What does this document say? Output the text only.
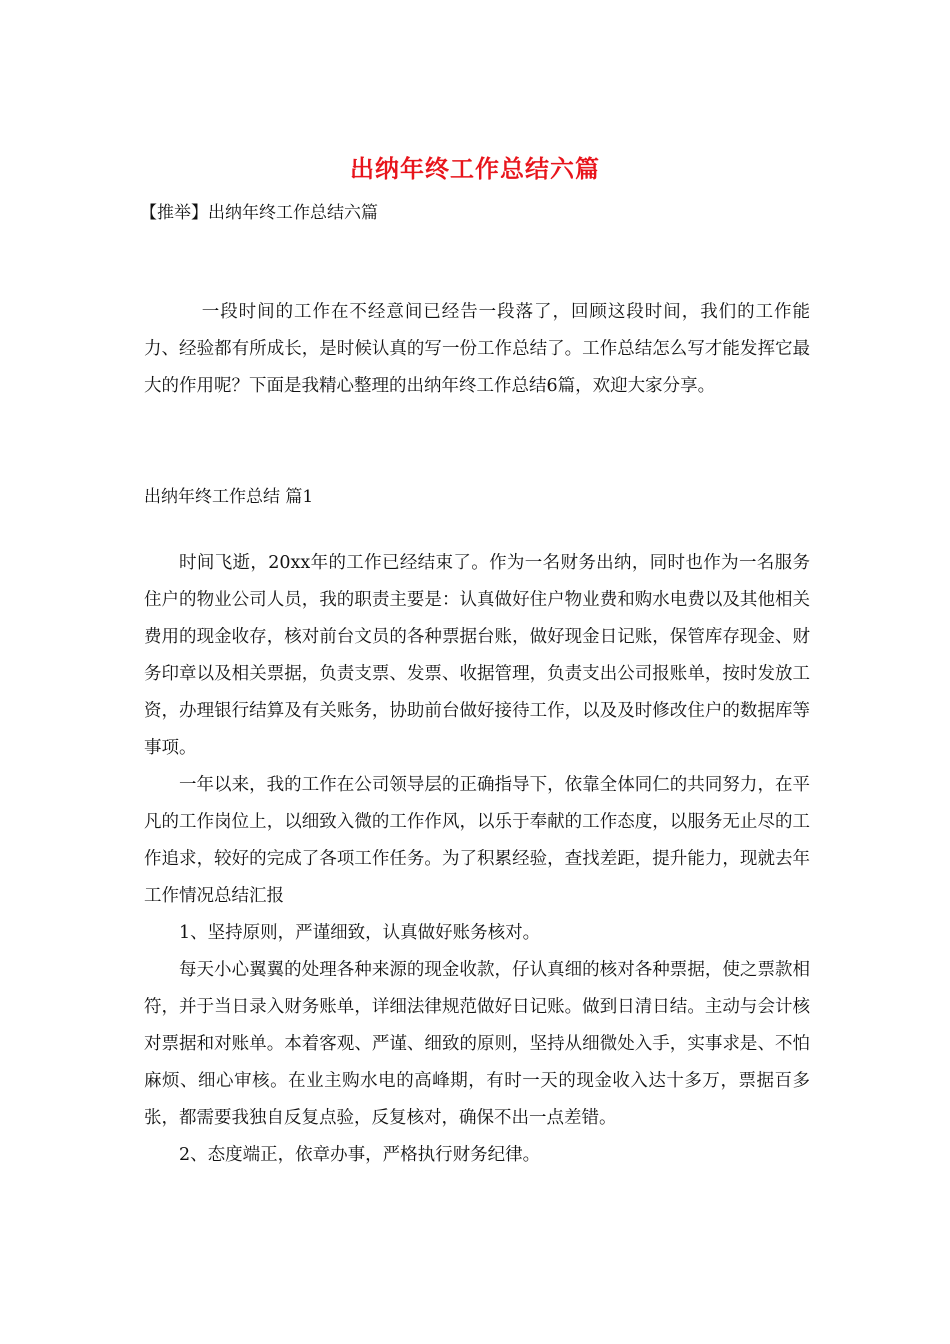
出纳年终工作总结六篇
【推举】出纳年终工作总结六篇

一段时间的工作在不经意间已经告一段落了，回顾这段时间，我们的工作能力、经验都有所成长，是时候认真的写一份工作总结了。工作总结怎么写才能发挥它最大的作用呢？下面是我精心整理的出纳年终工作总结6篇，欢迎大家分享。

出纳年终工作总结 篇1

时间飞逝，20xx年的工作已经结束了。作为一名财务出纳，同时也作为一名服务住户的物业公司人员，我的职责主要是：认真做好住户物业费和购水电费以及其他相关费用的现金收存，核对前台文员的各种票据台账，做好现金日记账，保管库存现金、财务印章以及相关票据，负责支票、发票、收据管理，负责支出公司报账单，按时发放工资，办理银行结算及有关账务，协助前台做好接待工作，以及及时修改住户的数据库等事项。

一年以来，我的工作在公司领导层的正确指导下，依靠全体同仁的共同努力，在平凡的工作岗位上，以细致入微的工作作风，以乐于奉献的工作态度，以服务无止尽的工作追求，较好的完成了各项工作任务。为了积累经验，查找差距，提升能力，现就去年工作情况总结汇报

1、坚持原则，严谨细致，认真做好账务核对。

每天小心翼翼的处理各种来源的现金收款，仔认真细的核对各种票据，使之票款相符，并于当日录入财务账单，详细法律规范做好日记账。做到日清日结。主动与会计核对票据和对账单。本着客观、严谨、细致的原则，坚持从细微处入手，实事求是、不怕麻烦、细心审核。在业主购水电的高峰期，有时一天的现金收入达十多万，票据百多张，都需要我独自反复点验，反复核对，确保不出一点差错。

2、态度端正，依章办事，严格执行财务纪律。
